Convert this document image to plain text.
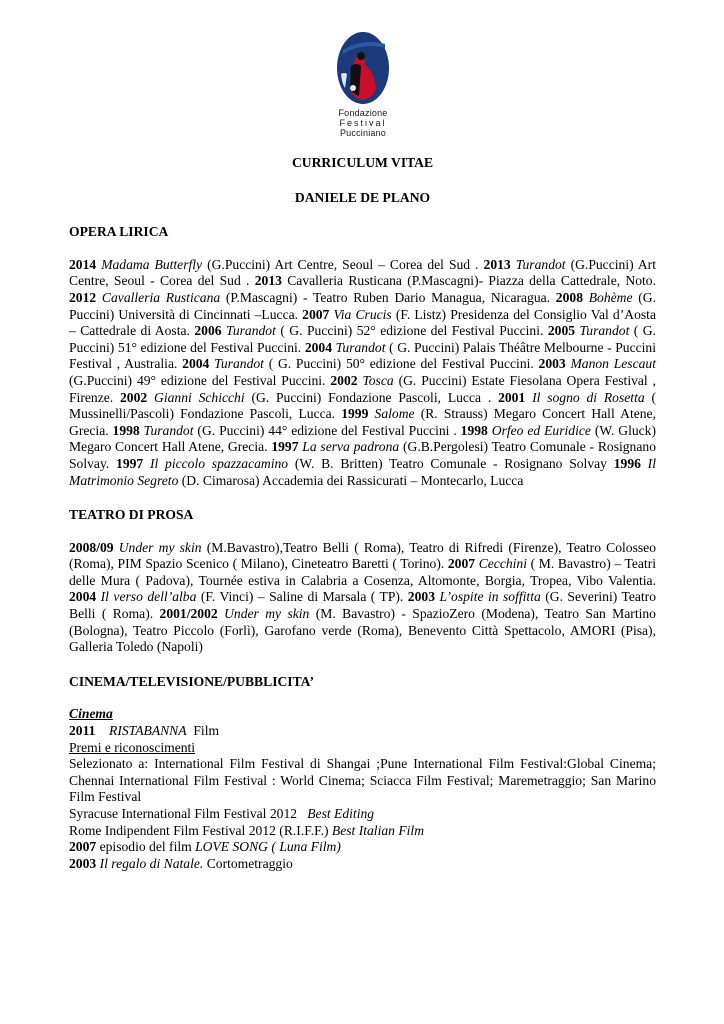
Fondazione
Festival
Pucciniano

CURRICULUM VITAE

DANIELE DE PLANO

OPERA LIRICA

2014 Madama Butterfly (G.Puccini) Art Centre, Seoul – Corea del Sud . 2013 Turandot (G.Puccini) Art Centre, Seoul - Corea del Sud . 2013 Cavalleria Rusticana (P.Mascagni)- Piazza della Cattedrale, Noto. 2012 Cavalleria Rusticana (P.Mascagni) - Teatro Ruben Dario Managua, Nicaragua. 2008 Bohème (G. Puccini) Università di Cincinnati –Lucca. 2007 Via Crucis (F. Listz) Presidenza del Consiglio Val d’Aosta – Cattedrale di Aosta. 2006 Turandot ( G. Puccini) 52° edizione del Festival Puccini. 2005 Turandot ( G. Puccini) 51° edizione del Festival Puccini. 2004 Turandot ( G. Puccini) Palais Théâtre Melbourne - Puccini Festival , Australia. 2004 Turandot ( G. Puccini) 50° edizione del Festival Puccini. 2003 Manon Lescaut (G.Puccini) 49° edizione del Festival Puccini. 2002 Tosca (G. Puccini) Estate Fiesolana Opera Festival , Firenze. 2002 Gianni Schicchi (G. Puccini) Fondazione Pascoli, Lucca . 2001 Il sogno di Rosetta ( Mussinelli/Pascoli) Fondazione Pascoli, Lucca. 1999 Salome (R. Strauss) Megaro Concert Hall Atene, Grecia. 1998 Turandot (G. Puccini) 44° edizione del Festival Puccini . 1998 Orfeo ed Euridice (W. Gluck) Megaro Concert Hall Atene, Grecia. 1997 La serva padrona (G.B.Pergolesi) Teatro Comunale - Rosignano Solvay. 1997 Il piccolo spazzacamino (W. B. Britten) Teatro Comunale - Rosignano Solvay 1996 Il Matrimonio Segreto (D. Cimarosa) Accademia dei Rassicurati – Montecarlo, Lucca

TEATRO DI PROSA

2008/09 Under my skin (M.Bavastro),Teatro Belli ( Roma), Teatro di Rifredi (Firenze), Teatro Colosseo (Roma), PIM Spazio Scenico ( Milano), Cineteatro Baretti ( Torino). 2007 Cecchini ( M. Bavastro) – Teatri delle Mura ( Padova), Tournée estiva in Calabria a Cosenza, Altomonte, Borgia, Tropea, Vibo Valentia. 2004 Il verso dell’alba (F. Vinci) – Saline di Marsala ( TP). 2003 L’ospite in soffitta (G. Severini) Teatro Belli ( Roma). 2001/2002 Under my skin (M. Bavastro) - SpazioZero (Modena), Teatro San Martino (Bologna), Teatro Piccolo (Forlì), Garofano verde (Roma), Benevento Città Spettacolo, AMORI (Pisa), Galleria Toledo (Napoli)

CINEMA/TELEVISIONE/PUBBLICITA’
Cinema

2011 RISTABANNA Film

Premi e riconoscimenti

Selezionato a: International Film Festival di Shangai ;Pune International Film Festival:Global Cinema; Chennai International Film Festival : World Cinema; Sciacca Film Festival; Maremetraggio; San Marino Film Festival

Syracuse International Film Festival 2012 Best Editing

Rome Indipendent Film Festival 2012 (R.I.F.F.) Best Italian Film

2007 episodio del film LOVE SONG ( Luna Film)

2003 Il regalo di Natale. Cortometraggio
